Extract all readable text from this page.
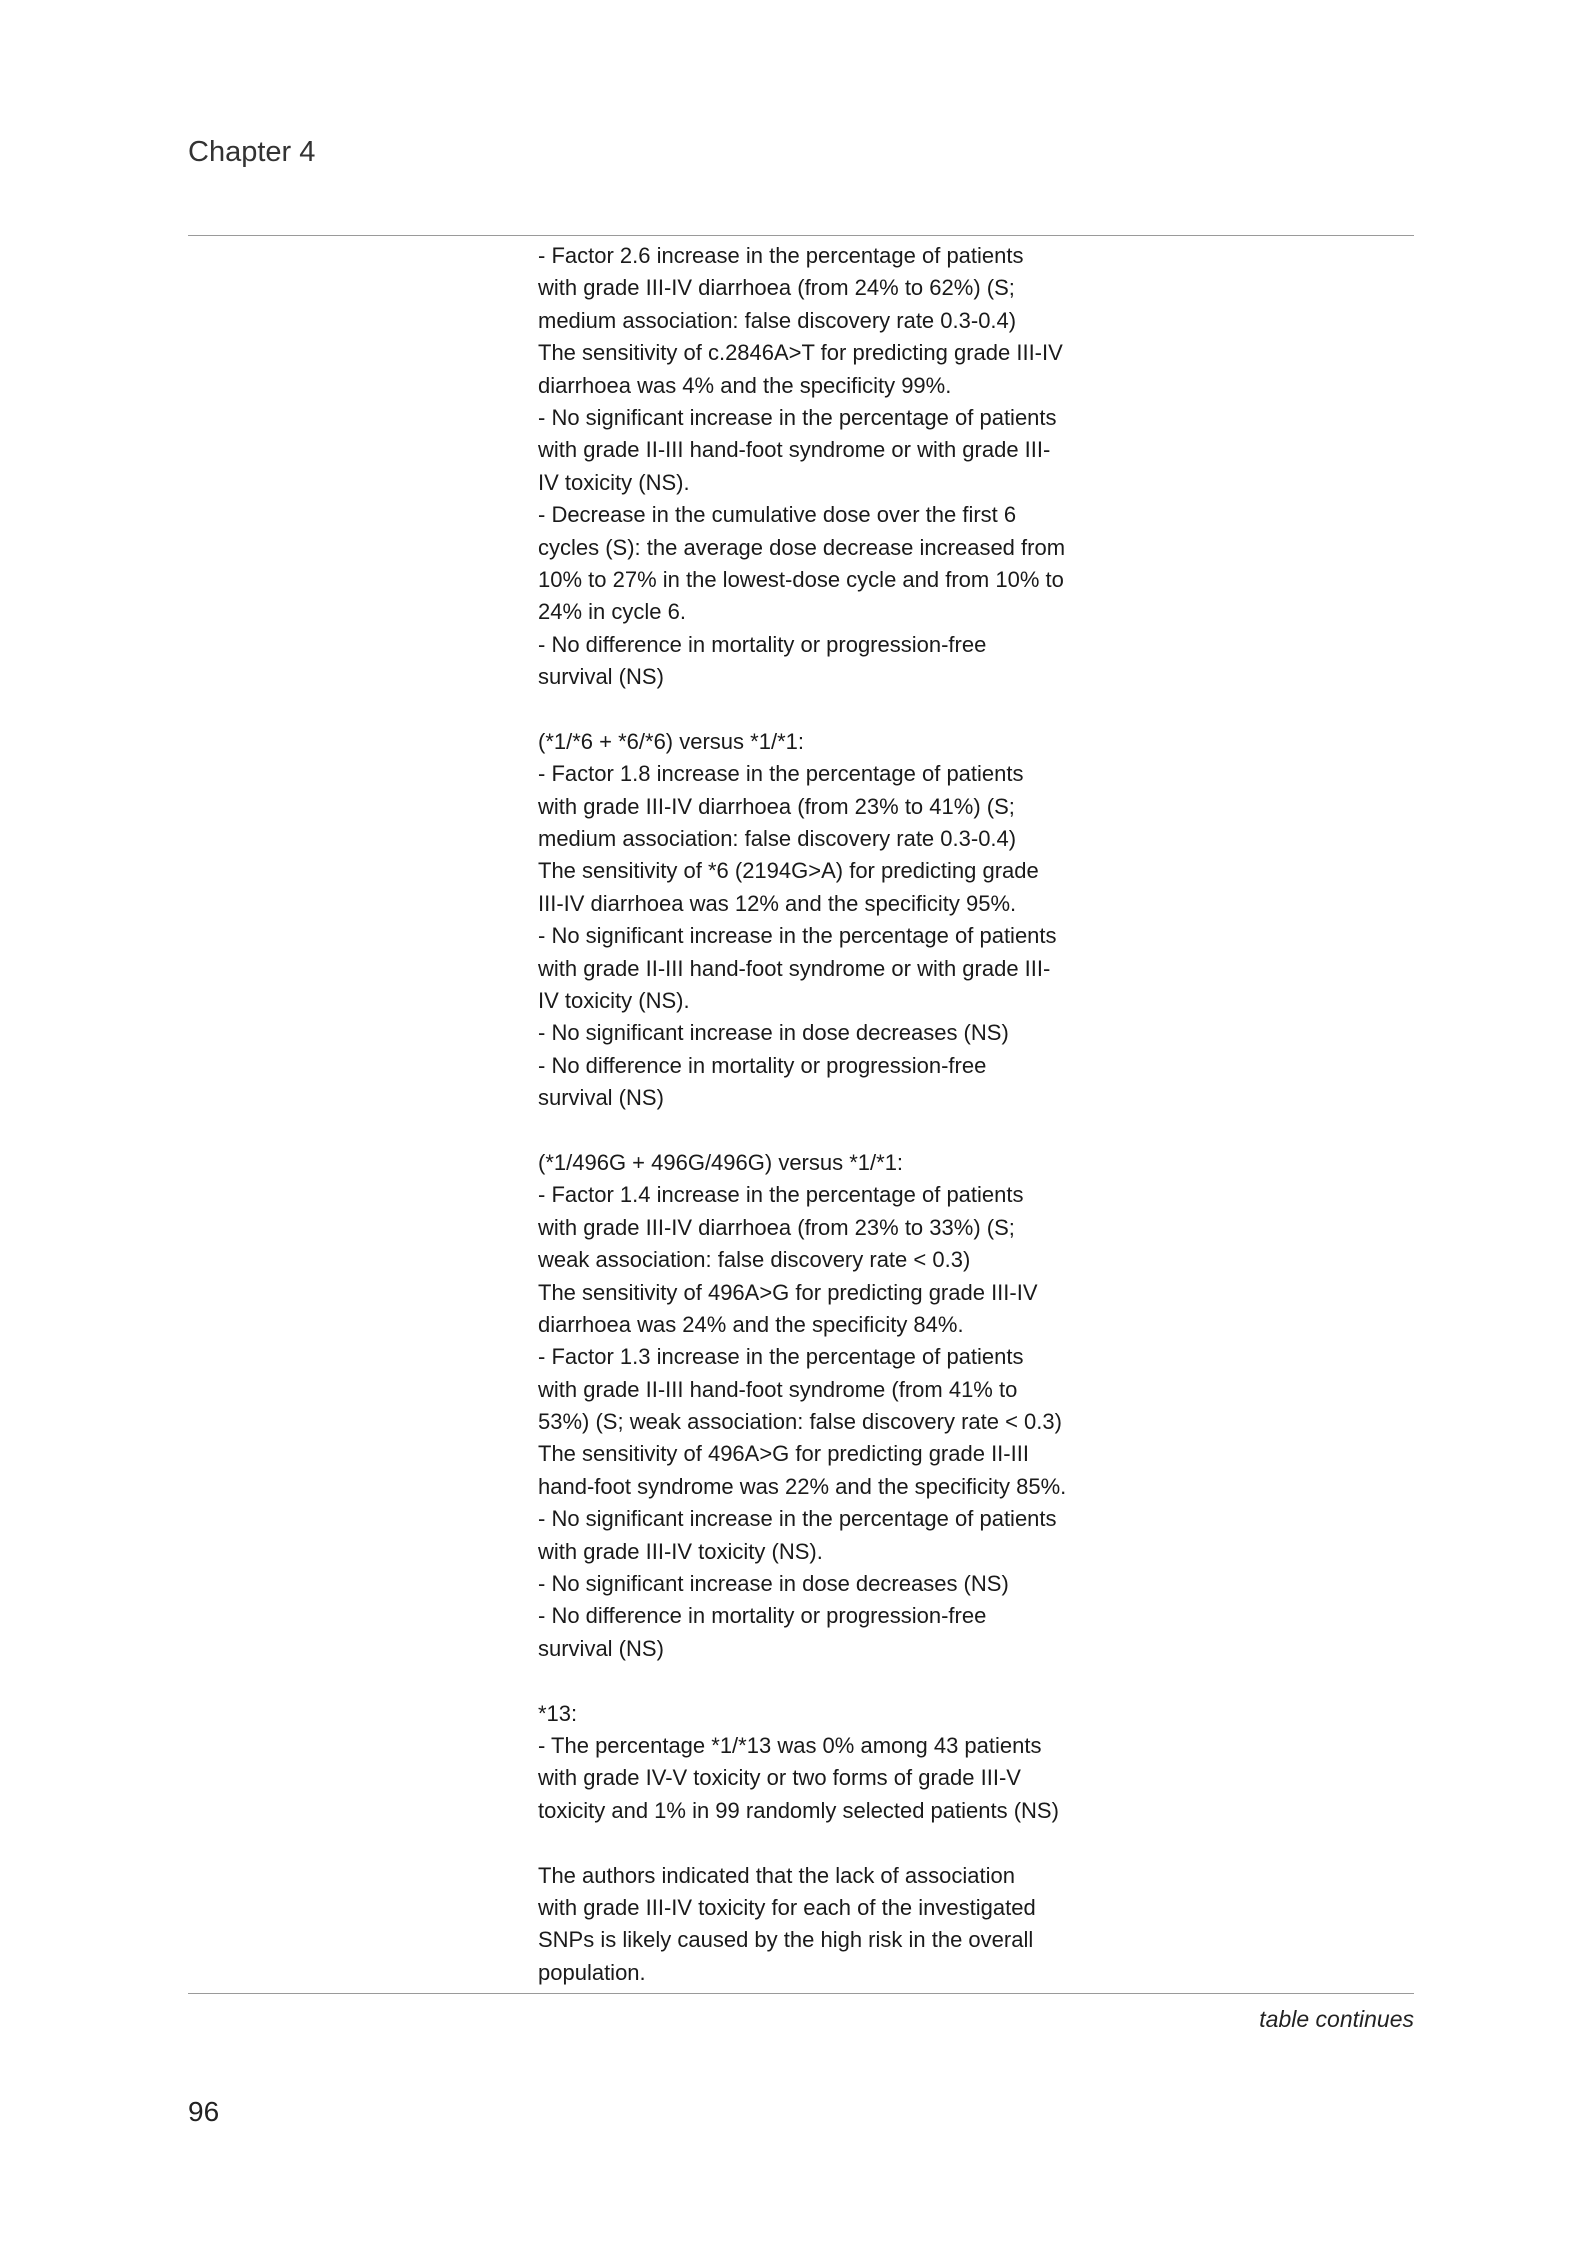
Chapter 4
- Factor 2.6 increase in the percentage of patients
with grade III-IV diarrhoea (from 24% to 62%) (S;
medium association: false discovery rate 0.3-0.4)
The sensitivity of c.2846A>T for predicting grade III-IV
diarrhoea was 4% and the specificity 99%.
- No significant increase in the percentage of patients
with grade II-III hand-foot syndrome or with grade III-
IV toxicity (NS).
- Decrease in the cumulative dose over the first 6
cycles (S): the average dose decrease increased from
10% to 27% in the lowest-dose cycle and from 10% to
24% in cycle 6.
- No difference in mortality or progression-free
survival (NS)
(*1/*6 + *6/*6) versus *1/*1:
- Factor 1.8 increase in the percentage of patients
with grade III-IV diarrhoea (from 23% to 41%) (S;
medium association: false discovery rate 0.3-0.4)
The sensitivity of *6 (2194G>A) for predicting grade
III-IV diarrhoea was 12% and the specificity 95%.
- No significant increase in the percentage of patients
with grade II-III hand-foot syndrome or with grade III-
IV toxicity (NS).
- No significant increase in dose decreases (NS)
- No difference in mortality or progression-free
survival (NS)
(*1/496G + 496G/496G) versus *1/*1:
- Factor 1.4 increase in the percentage of patients
with grade III-IV diarrhoea (from 23% to 33%) (S;
weak association: false discovery rate < 0.3)
The sensitivity of 496A>G for predicting grade III-IV
diarrhoea was 24% and the specificity 84%.
- Factor 1.3 increase in the percentage of patients
with grade II-III hand-foot syndrome (from 41% to
53%) (S; weak association: false discovery rate < 0.3)
The sensitivity of 496A>G for predicting grade II-III
hand-foot syndrome was 22% and the specificity 85%.
- No significant increase in the percentage of patients
with grade III-IV toxicity (NS).
- No significant increase in dose decreases (NS)
- No difference in mortality or progression-free
survival (NS)
*13:
- The percentage *1/*13 was 0% among 43 patients
with grade IV-V toxicity or two forms of grade III-V
toxicity and 1% in 99 randomly selected patients (NS)
The authors indicated that the lack of association
with grade III-IV toxicity for each of the investigated
SNPs is likely caused by the high risk in the overall
population.
table continues
96
